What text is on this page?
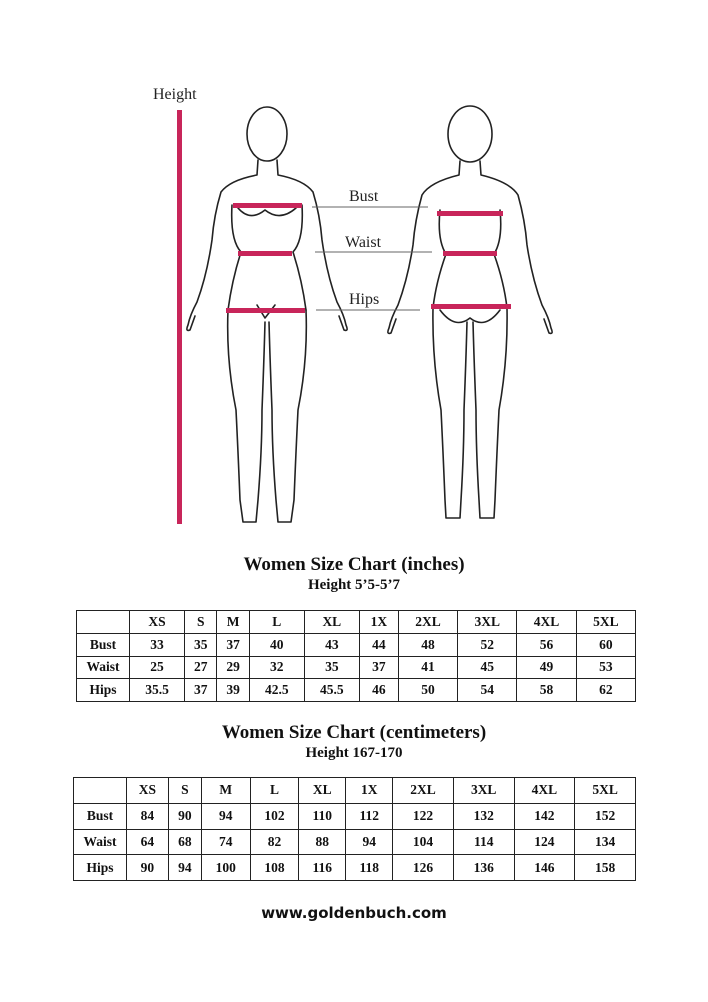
Height
Bust
Waist
Hips
Women Size Chart (inches)
Height 5’5-5’7
	XS	S	M	L	XL	1X	2XL	3XL	4XL	5XL
Bust	33	35	37	40	43	44	48	52	56	60
Waist	25	27	29	32	35	37	41	45	49	53
Hips	35.5	37	39	42.5	45.5	46	50	54	58	62
Women Size Chart (centimeters)
Height 167-170
	XS	S	M	L	XL	1X	2XL	3XL	4XL	5XL
Bust	84	90	94	102	110	112	122	132	142	152
Waist	64	68	74	82	88	94	104	114	124	134
Hips	90	94	100	108	116	118	126	136	146	158
www.goldenbuch.com
